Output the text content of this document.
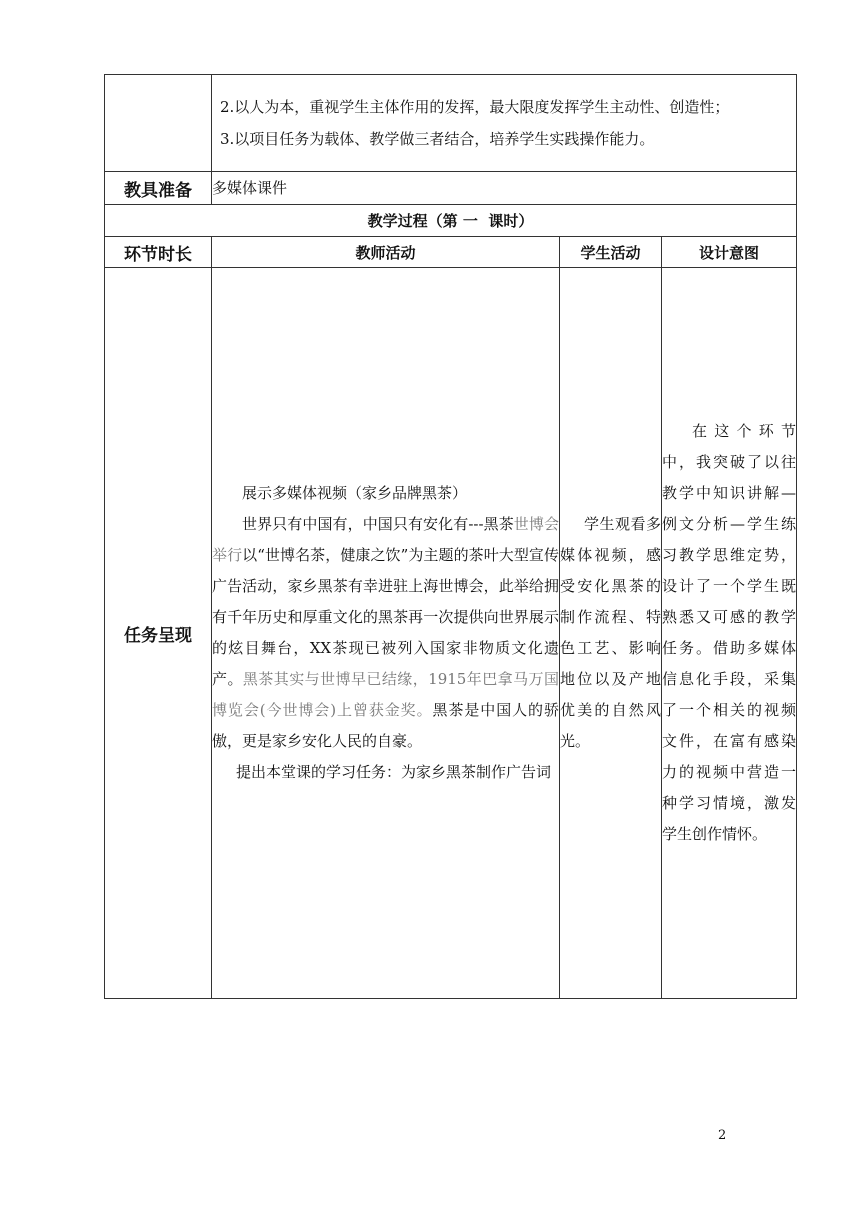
	2.以人为本，重视学生主体作用的发挥，最大限度发挥学生主动性、创造性；
3.以项目任务为载体、教学做三者结合，培养学生实践操作能力。		

教具准备	多媒体课件		
教学过程（第 一  课时）			
环节时长	教师活动	学生活动	设计意图
任务呈现	展示多媒体视频（家乡品牌黑茶）
世界只有中国有，中国只有安化有---黑茶世博会举行以“世博名茶，健康之饮”为主题的茶叶大型宣传广告活动，家乡黑茶有幸进驻上海世博会，此举给拥有千年历史和厚重文化的黑茶再一次提供向世界展示的炫目舞台，XX茶现已被列入国家非物质文化遗产。黑茶其实与世博早已结缘，1915年巴拿马万国博览会(今世博会)上曾获金奖。黑茶是中国人的骄傲，更是家乡安化人民的自豪。
提出本堂课的学习任务：为家乡黑茶制作广告词	学生观看多媒体视频，感受安化黑茶的制作流程、特色工艺、影响地位以及产地优美的自然风光。	在这个环节中，我突破了以往教学中知识讲解—例文分析—学生练习教学思维定势，设计了一个学生既熟悉又可感的教学任务。借助多媒体信息化手段，采集了一个相关的视频文件，在富有感染力的视频中营造一种学习情境，激发学生创作情怀。
2
